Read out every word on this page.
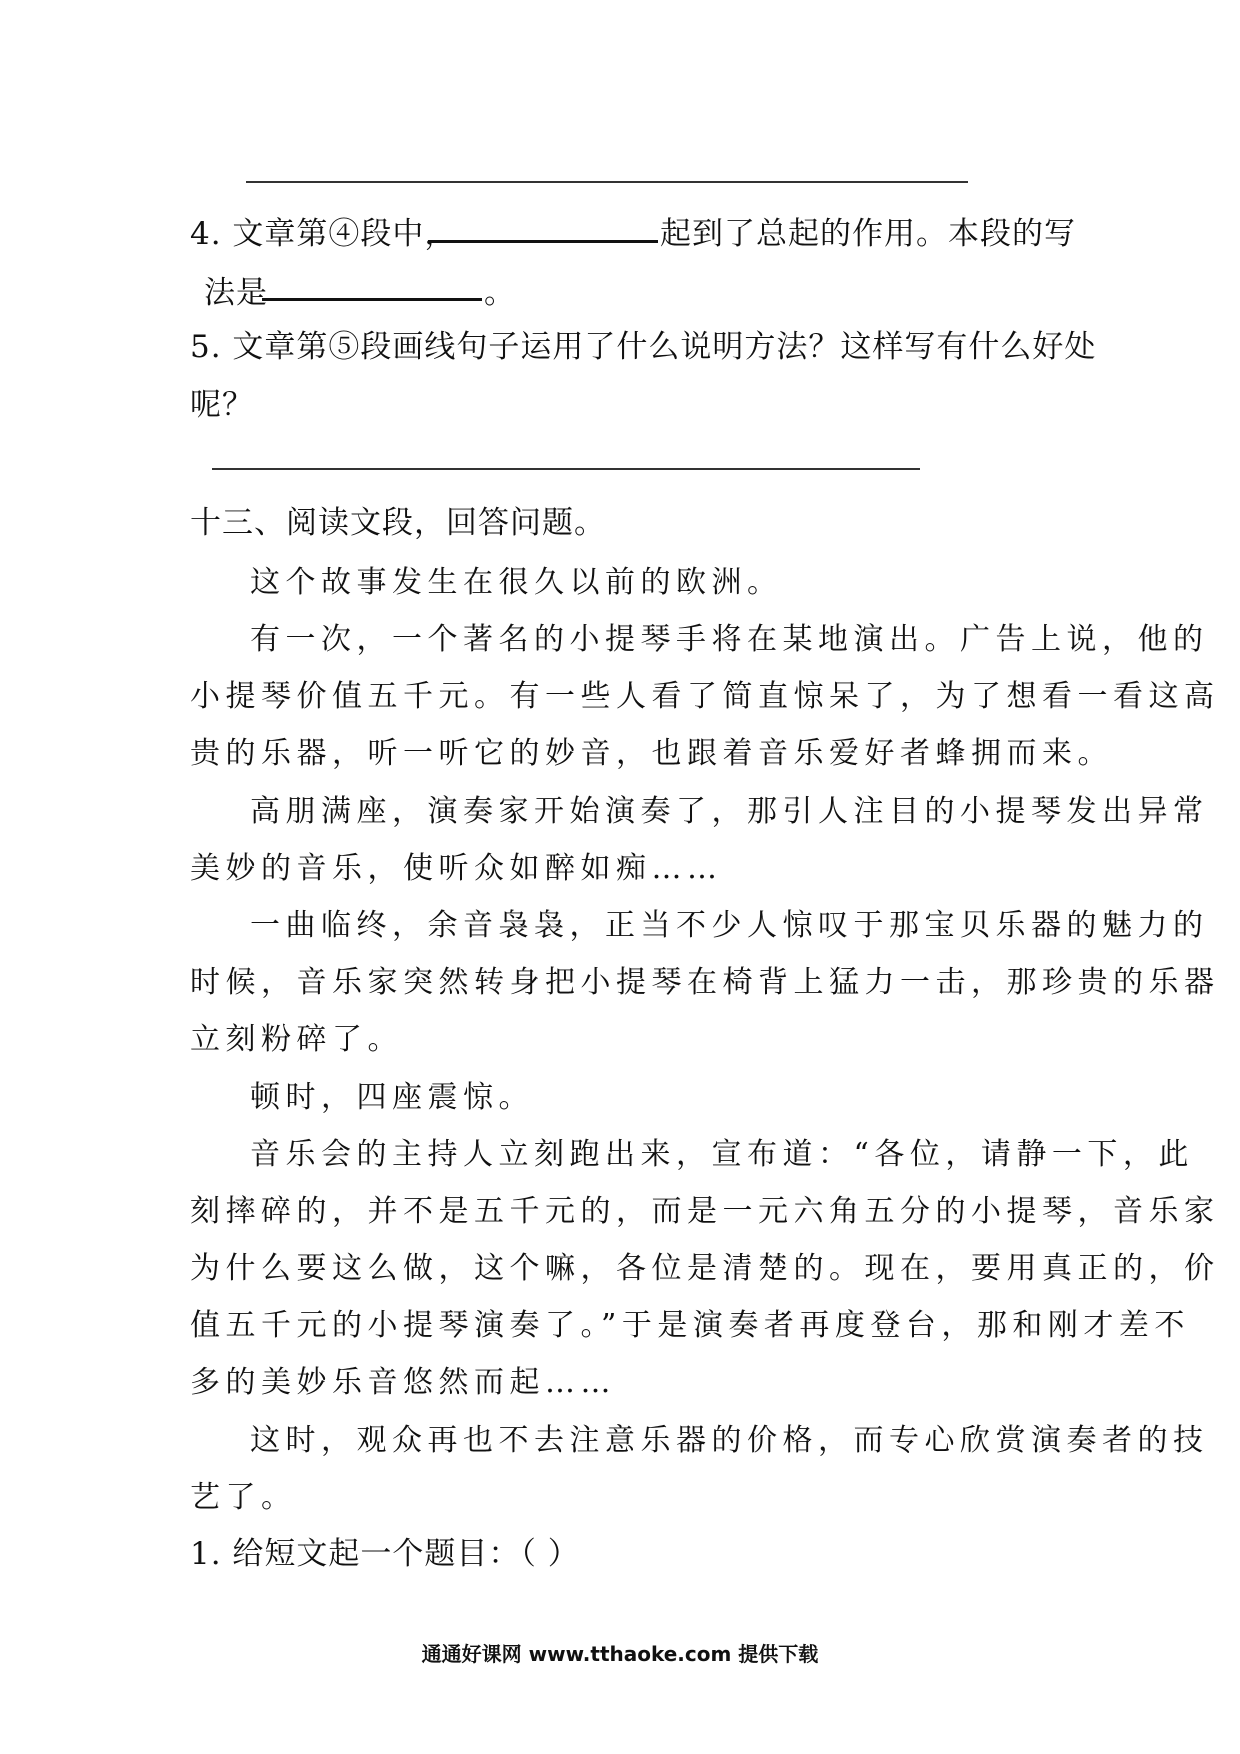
4. 文章第④段中，	起到了总起的作用。本段的写
法是	。
5. 文章第⑤段画线句子运用了什么说明方法？这样写有什么好处
呢？
十三、阅读文段，回答问题。
这个故事发生在很久以前的欧洲。
有一次，一个著名的小提琴手将在某地演出。广告上说，他的
小提琴价值五千元。有一些人看了简直惊呆了，为了想看一看这高
贵的乐器，听一听它的妙音，也跟着音乐爱好者蜂拥而来。
高朋满座，演奏家开始演奏了，那引人注目的小提琴发出异常
美妙的音乐，使听众如醉如痴……
一曲临终，余音袅袅，正当不少人惊叹于那宝贝乐器的魅力的
时候，音乐家突然转身把小提琴在椅背上猛力一击，那珍贵的乐器
立刻粉碎了。
顿时，四座震惊。
音乐会的主持人立刻跑出来，宣布道：“各位，请静一下，此
刻摔碎的，并不是五千元的，而是一元六角五分的小提琴，音乐家
为什么要这么做，这个嘛，各位是清楚的。现在，要用真正的，价
值五千元的小提琴演奏了。”于是演奏者再度登台，那和刚才差不
多的美妙乐音悠然而起……
这时，观众再也不去注意乐器的价格，而专心欣赏演奏者的技
艺了。
1. 给短文起一个题目：（ ）
通通好课网 www.tthaoke.com 提供下载
